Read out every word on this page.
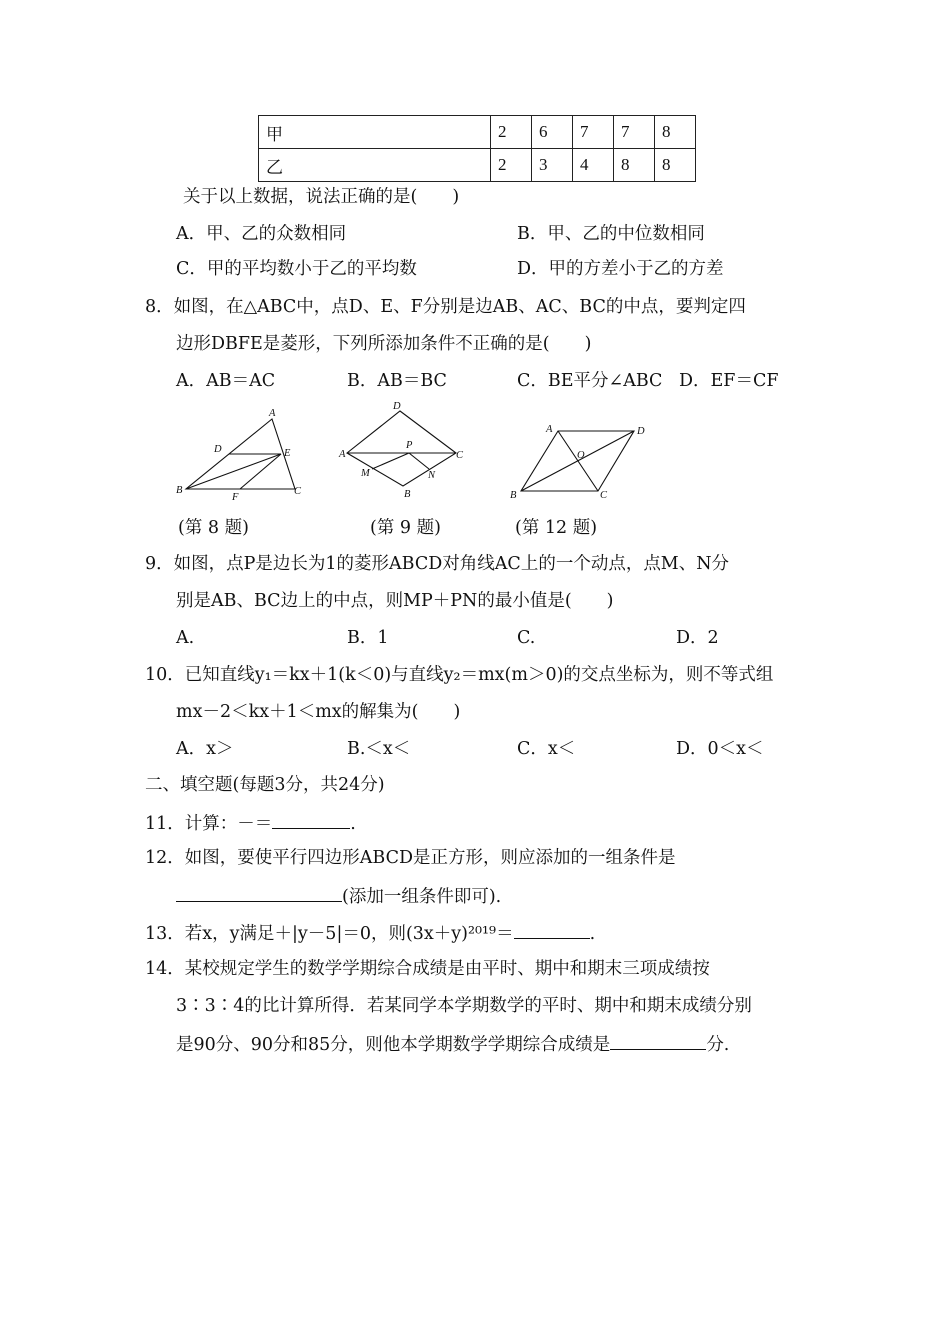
甲	2	6	7	7	8
乙	2	3	4	8	8
关于以上数据，说法正确的是(　　)
A．甲、乙的众数相同	B．甲、乙的中位数相同
C．甲的平均数小于乙的平均数	D．甲的方差小于乙的方差
8．如图，在△ABC中，点D、E、F分别是边AB、AC、BC的中点，要判定四
边形DBFE是菱形，下列所添加条件不正确的是(　　)
A．AB＝AC	B．AB＝BC	C．BE平分∠ABC D．EF＝CF
A
D	E
B
F
C
D
A
P
C
M	N
B
A	D
O
B	C
(第 8 题)	(第 9 题)	(第 12 题)
9．如图，点P是边长为1的菱形ABCD对角线AC上的一个动点，点M、N分
别是AB、BC边上的中点，则MP＋PN的最小值是(　　)
A.	B．1	C.	D．2
10．已知直线y₁＝kx＋1(k＜0)与直线y₂＝mx(m＞0)的交点坐标为，则不等式组
mx－2＜kx＋1＜mx的解集为(　　)
A．x＞	B.＜x＜	C．x＜	D．0＜x＜
二、填空题(每题3分，共24分)
11．计算：－＝	.
12．如图，要使平行四边形ABCD是正方形，则应添加的一组条件是
(添加一组条件即可).
13．若x，y满足＋|y－5|＝0，则(3x＋y)²⁰¹⁹＝	.
14．某校规定学生的数学学期综合成绩是由平时、期中和期末三项成绩按
3∶3∶4的比计算所得．若某同学本学期数学的平时、期中和期末成绩分别
是90分、90分和85分，则他本学期数学学期综合成绩是	分.
